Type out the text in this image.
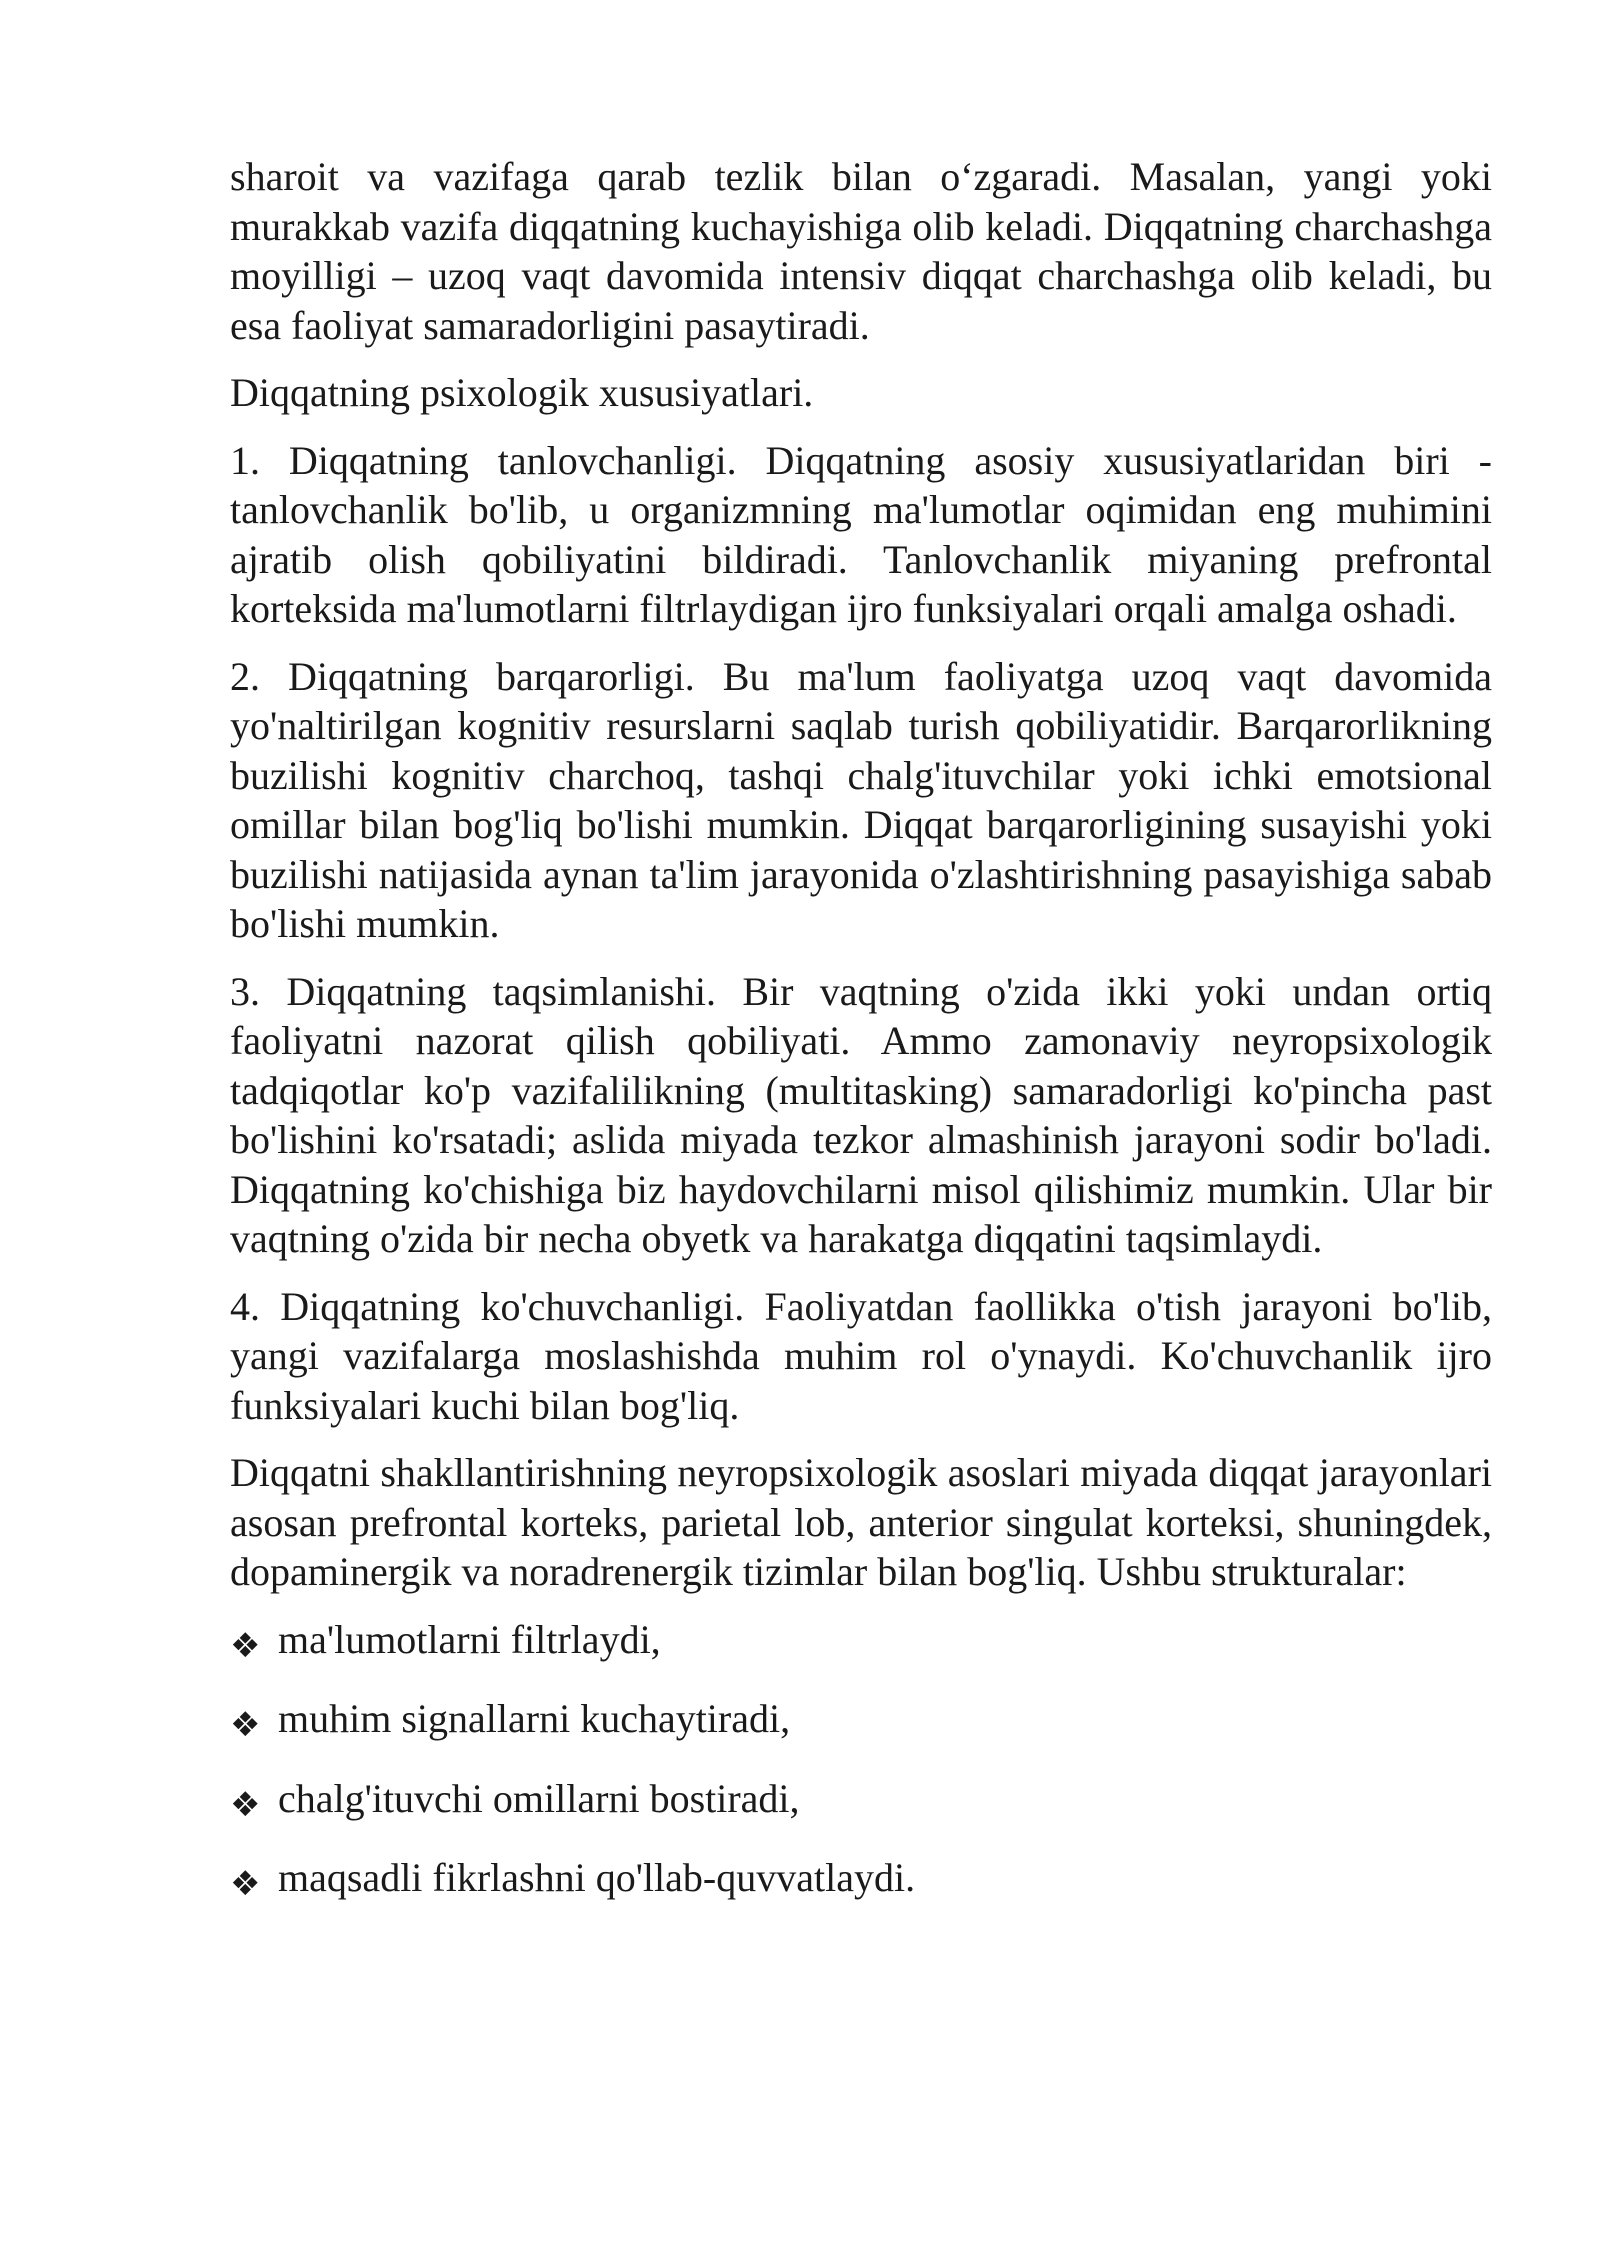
sharoit va vazifaga qarab tezlik bilan o‘zgaradi. Masalan, yangi yoki murakkab vazifa diqqatning kuchayishiga olib keladi. Diqqatning charchashga moyilligi – uzoq vaqt davomida intensiv diqqat charchashga olib keladi, bu esa faoliyat samaradorligini pasaytiradi.

Diqqatning psixologik xususiyatlari.

1. Diqqatning tanlovchanligi. Diqqatning asosiy xususiyatlaridan biri -tanlovchanlik bo'lib, u organizmning ma'lumotlar oqimidan eng muhimini ajratib olish qobiliyatini bildiradi. Tanlovchanlik miyaning prefrontal korteksida ma'lumotlarni filtrlaydigan ijro funksiyalari orqali amalga oshadi.

2. Diqqatning barqarorligi. Bu ma'lum faoliyatga uzoq vaqt davomida yo'naltirilgan kognitiv resurslarni saqlab turish qobiliyatidir. Barqarorlikning buzilishi kognitiv charchoq, tashqi chalg'ituvchilar yoki ichki emotsional omillar bilan bog'liq bo'lishi mumkin. Diqqat barqarorligining susayishi yoki buzilishi natijasida aynan ta'lim jarayonida o'zlashtirishning pasayishiga sabab bo'lishi mumkin.

3. Diqqatning taqsimlanishi. Bir vaqtning o'zida ikki yoki undan ortiq faoliyatni nazorat qilish qobiliyati. Ammo zamonaviy neyropsixologik tadqiqotlar ko'p vazifalilikning (multitasking) samaradorligi ko'pincha past bo'lishini ko'rsatadi; aslida miyada tezkor almashinish jarayoni sodir bo'ladi. Diqqatning ko'chishiga biz haydovchilarni misol qilishimiz mumkin. Ular bir vaqtning o'zida bir necha obyetk va harakatga diqqatini taqsimlaydi.

4. Diqqatning ko'chuvchanligi. Faoliyatdan faollikka o'tish jarayoni bo'lib, yangi vazifalarga moslashishda muhim rol o'ynaydi. Ko'chuvchanlik ijro funksiyalari kuchi bilan bog'liq.

Diqqatni shakllantirishning neyropsixologik asoslari miyada diqqat jarayonlari asosan prefrontal korteks, parietal lob, anterior singulat korteksi, shuningdek, dopaminergik va noradrenergik tizimlar bilan bog'liq. Ushbu strukturalar:

❖ ma'lumotlarni filtrlaydi,
❖ muhim signallarni kuchaytiradi,
❖ chalg'ituvchi omillarni bostiradi,
❖ maqsadli fikrlashni qo'llab-quvvatlaydi.
